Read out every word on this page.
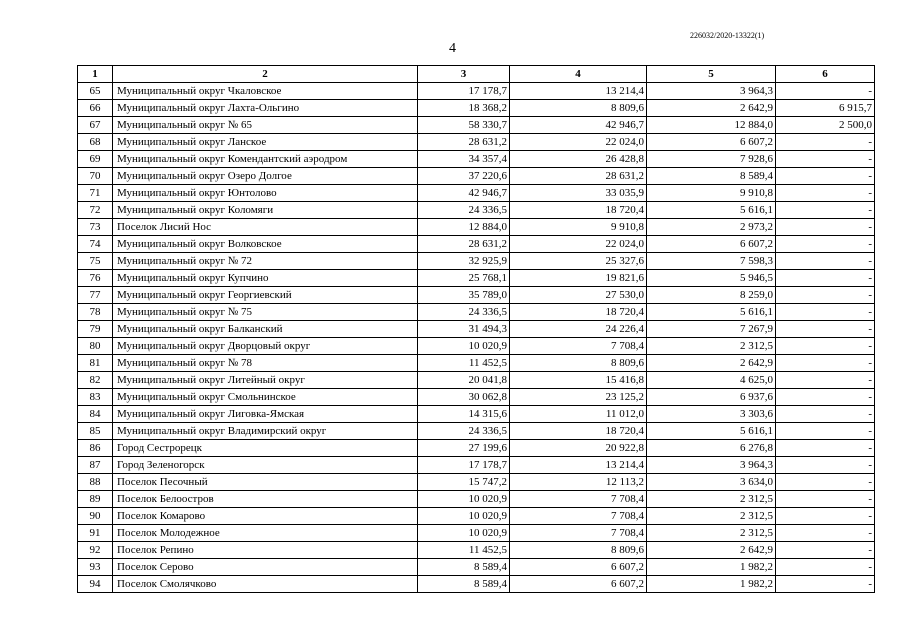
226032/2020-13322(1)
4
1	2	3	4	5	6
65	Муниципальный округ Чкаловское	17 178,7	13 214,4	3 964,3	-
66	Муниципальный округ Лахта-Ольгино	18 368,2	8 809,6	2 642,9	6 915,7
67	Муниципальный округ № 65	58 330,7	42 946,7	12 884,0	2 500,0
68	Муниципальный округ Ланское	28 631,2	22 024,0	6 607,2	-
69	Муниципальный округ Комендантский аэродром	34 357,4	26 428,8	7 928,6	-
70	Муниципальный округ Озеро Долгое	37 220,6	28 631,2	8 589,4	-
71	Муниципальный округ Юнтолово	42 946,7	33 035,9	9 910,8	-
72	Муниципальный округ Коломяги	24 336,5	18 720,4	5 616,1	-
73	Поселок Лисий Нос	12 884,0	9 910,8	2 973,2	-
74	Муниципальный округ Волковское	28 631,2	22 024,0	6 607,2	-
75	Муниципальный округ № 72	32 925,9	25 327,6	7 598,3	-
76	Муниципальный округ Купчино	25 768,1	19 821,6	5 946,5	-
77	Муниципальный округ Георгиевский	35 789,0	27 530,0	8 259,0	-
78	Муниципальный округ № 75	24 336,5	18 720,4	5 616,1	-
79	Муниципальный округ Балканский	31 494,3	24 226,4	7 267,9	-
80	Муниципальный округ Дворцовый округ	10 020,9	7 708,4	2 312,5	-
81	Муниципальный округ № 78	11 452,5	8 809,6	2 642,9	-
82	Муниципальный округ Литейный округ	20 041,8	15 416,8	4 625,0	-
83	Муниципальный округ Смольнинское	30 062,8	23 125,2	6 937,6	-
84	Муниципальный округ Лиговка-Ямская	14 315,6	11 012,0	3 303,6	-
85	Муниципальный округ Владимирский округ	24 336,5	18 720,4	5 616,1	-
86	Город Сестрорецк	27 199,6	20 922,8	6 276,8	-
87	Город Зеленогорск	17 178,7	13 214,4	3 964,3	-
88	Поселок Песочный	15 747,2	12 113,2	3 634,0	-
89	Поселок Белоостров	10 020,9	7 708,4	2 312,5	-
90	Поселок Комарово	10 020,9	7 708,4	2 312,5	-
91	Поселок Молодежное	10 020,9	7 708,4	2 312,5	-
92	Поселок Репино	11 452,5	8 809,6	2 642,9	-
93	Поселок Серово	8 589,4	6 607,2	1 982,2	-
94	Поселок Смолячково	8 589,4	6 607,2	1 982,2	-
